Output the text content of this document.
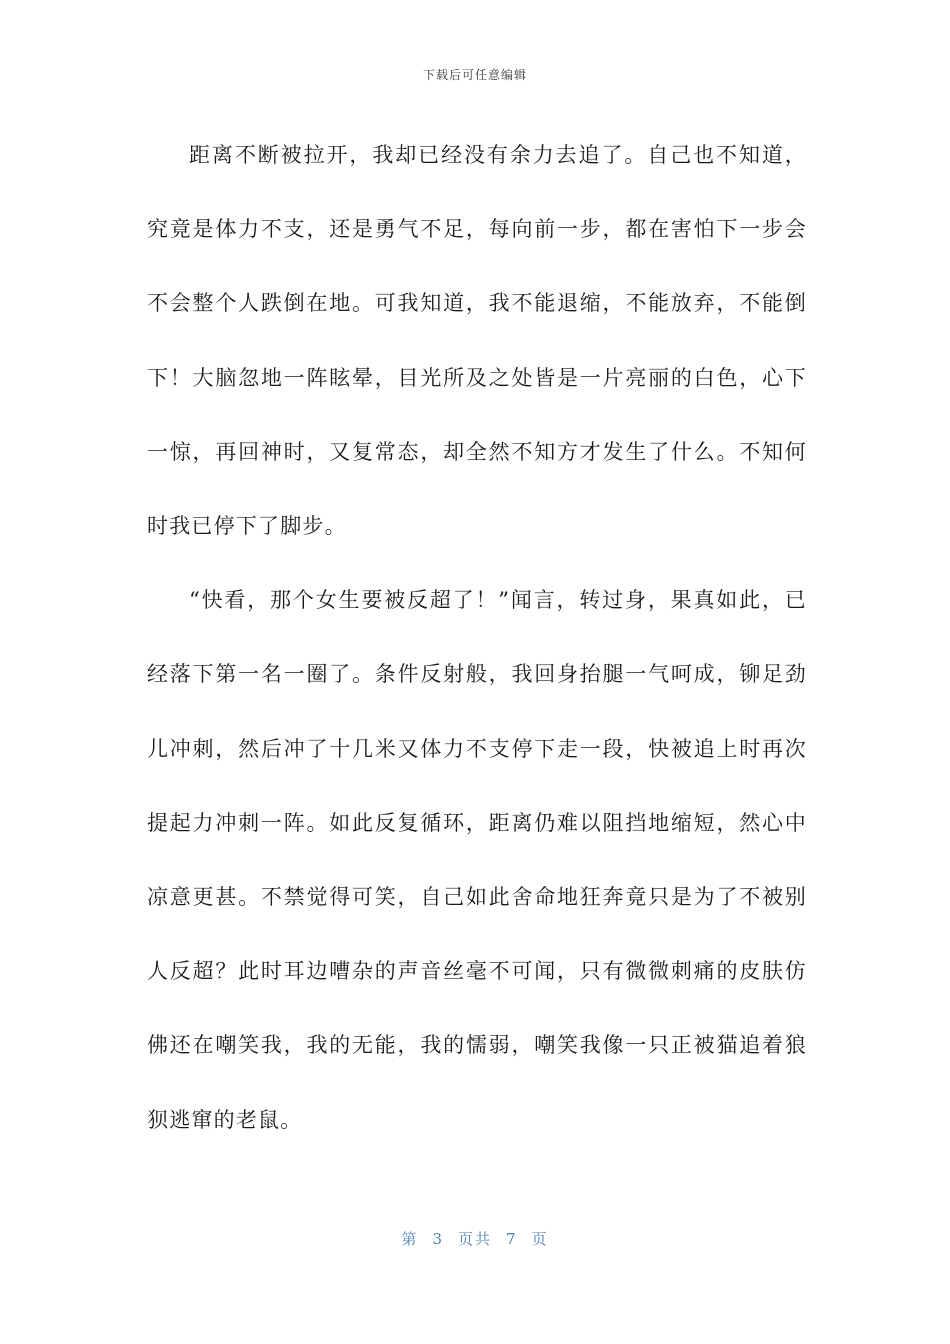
下载后可任意编辑

距离不断被拉开，我却已经没有余力去追了。自己也不知道，究竟是体力不支，还是勇气不足，每向前一步，都在害怕下一步会不会整个人跌倒在地。可我知道，我不能退缩，不能放弃，不能倒下！大脑忽地一阵眩晕，目光所及之处皆是一片亮丽的白色，心下一惊，再回神时，又复常态，却全然不知方才发生了什么。不知何时我已停下了脚步。

“快看，那个女生要被反超了！”闻言，转过身，果真如此，已经落下第一名一圈了。条件反射般，我回身抬腿一气呵成，铆足劲儿冲刺，然后冲了十几米又体力不支停下走一段，快被追上时再次提起力冲刺一阵。如此反复循环，距离仍难以阻挡地缩短，然心中凉意更甚。不禁觉得可笑，自己如此舍命地狂奔竟只是为了不被别人反超？此时耳边嘈杂的声音丝毫不可闻，只有微微刺痛的皮肤仿佛还在嘲笑我，我的无能，我的懦弱，嘲笑我像一只正被猫追着狼狈逃窜的老鼠。

第 3 页共 7 页
